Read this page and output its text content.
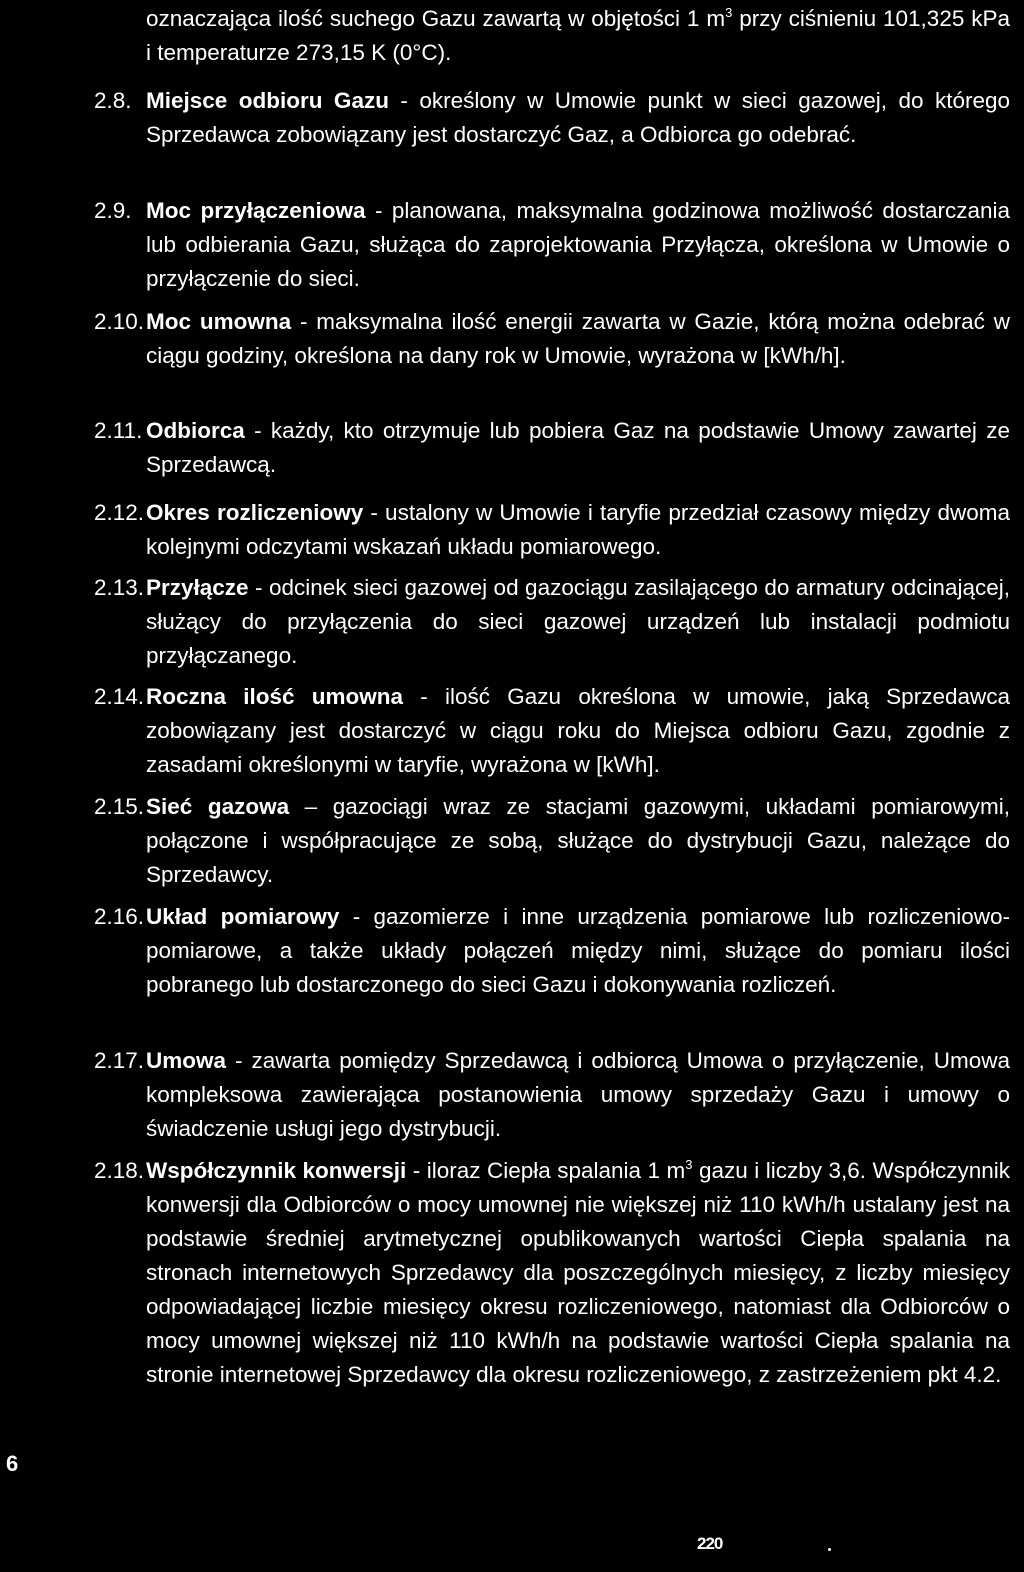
oznaczająca ilość suchego Gazu zawartą w objętości 1 $m^3$ przy ciśnieniu 101,325 kPa i temperaturze 273,15 K (0°C).

2.8. Miejsce odbioru Gazu - określony w Umowie punkt w sieci gazowej, do którego Sprzedawca zobowiązany jest dostarczyć Gaz, a Odbiorca go odebrać.
2.9. Moc przyłączeniowa - planowana, maksymalna godzinowa możliwość dostarczania lub odbierania Gazu, służąca do zaprojektowania Przyłącza, określona w Umowie o przyłączenie do sieci.
2.10. Moc umowna - maksymalna ilość energii zawarta w Gazie, którą można odebrać w ciągu godziny, określona na dany rok w Umowie, wyrażona w [kWh/h].
2.11. Odbiorca - każdy, kto otrzymuje lub pobiera Gaz na podstawie Umowy zawartej ze Sprzedawcą.
2.12. Okres rozliczeniowy - ustalony w Umowie i taryfie przedział czasowy między dwoma kolejnymi odczytami wskazań układu pomiarowego.
2.13. Przyłącze - odcinek sieci gazowej od gazociągu zasilającego do armatury odcinającej, służący do przyłączenia do sieci gazowej urządzeń lub instalacji podmiotu przyłączanego.
2.14. Roczna ilość umowna - ilość Gazu określona w umowie, jaką Sprzedawca zobowiązany jest dostarczyć w ciągu roku do Miejsca odbioru Gazu, zgodnie z zasadami określonymi w taryfie, wyrażona w [kWh].
2.15. Sieć gazowa – gazociągi wraz ze stacjami gazowymi, układami pomiarowymi, połączone i współpracujące ze sobą, służące do dystrybucji Gazu, należące do Sprzedawcy.
2.16. Układ pomiarowy - gazomierze i inne urządzenia pomiarowe lub rozliczeniowo-pomiarowe, a także układy połączeń między nimi, służące do pomiaru ilości pobranego lub dostarczonego do sieci Gazu i dokonywania rozliczeń.
2.17. Umowa - zawarta pomiędzy Sprzedawcą i odbiorcą Umowa o przyłączenie, Umowa kompleksowa zawierająca postanowienia umowy sprzedaży Gazu i umowy o świadczenie usługi jego dystrybucji.
2.18. Współczynnik konwersji - iloraz Ciepła spalania 1 $m^3$ gazu i liczby 3,6. Współczynnik konwersji dla Odbiorców o mocy umownej nie większej niż 110 kWh/h ustalany jest na podstawie średniej arytmetycznej opublikowanych wartości Ciepła spalania na stronach internetowych Sprzedawcy dla poszczególnych miesięcy, z liczby miesięcy odpowiadającej liczbie miesięcy okresu rozliczeniowego, natomiast dla Odbiorców o mocy umownej większej niż 110 kWh/h na podstawie wartości Ciepła spalania na stronie internetowej Sprzedawcy dla okresu rozliczeniowego, z zastrzeżeniem pkt 4.2.
6
220
